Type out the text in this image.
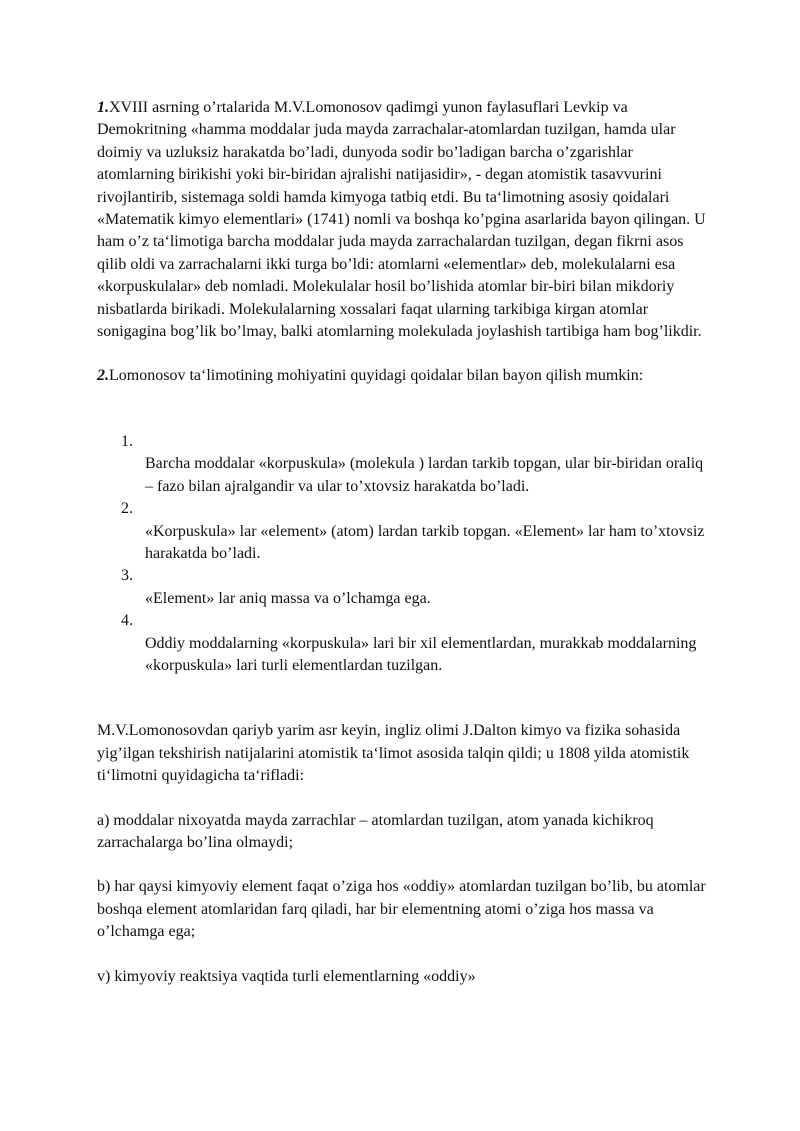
1.XVIII asrning o’rtalarida M.V.Lomonosov qadimgi yunon faylasuflari Levkip va Demokritning «hamma moddalar juda mayda zarrachalar-atomlardan tuzilgan, hamda ular doimiy va uzluksiz harakatda bo’ladi, dunyoda sodir bo’ladigan barcha o’zgarishlar atomlarning birikishi yoki bir-biridan ajralishi natijasidir», - degan atomistik tasavvurini rivojlantirib, sistemaga soldi hamda kimyoga tatbiq etdi. Bu ta‘limotning asosiy qoidalari «Matematik kimyo elementlari» (1741) nomli va boshqa ko’pgina asarlarida bayon qilingan. U ham o’z ta‘limotiga barcha moddalar juda mayda zarrachalardan tuzilgan, degan fikrni asos qilib oldi va zarrachalarni ikki turga bo’ldi: atomlarni «elementlar» deb, molekulalarni esa «korpuskulalar» deb nomladi. Molekulalar hosil bo’lishida atomlar bir-biri bilan mikdoriy nisbatlarda birikadi. Molekulalarning xossalari faqat ularning tarkibiga kirgan atomlar sonigagina bog’lik bo’lmay, balki atomlarning molekulada joylashish tartibiga ham bog’likdir.

2.Lomonosov ta‘limotining mohiyatini quyidagi qoidalar bilan bayon qilish mumkin:

1.
Barcha moddalar «korpuskula» (molekula ) lardan tarkib topgan, ular bir-biridan oraliq – fazo bilan ajralgandir va ular to’xtovsiz harakatda bo’ladi.
2.
«Korpuskula» lar «element» (atom) lardan tarkib topgan. «Element» lar ham to’xtovsiz harakatda bo’ladi.
3.
«Element» lar aniq massa va o’lchamga ega.
4.
Oddiy moddalarning «korpuskula» lari bir xil elementlardan, murakkab moddalarning «korpuskula» lari turli elementlardan tuzilgan.

M.V.Lomonosovdan qariyb yarim asr keyin, ingliz olimi J.Dalton kimyo va fizika sohasida yig’ilgan tekshirish natijalarini atomistik ta‘limot asosida talqin qildi; u 1808 yilda atomistik ti‘limotni quyidagicha ta‘rifladi:

a) moddalar nixoyatda mayda zarrachlar – atomlardan tuzilgan, atom yanada kichikroq zarrachalarga bo’lina olmaydi;

b) har qaysi kimyoviy element faqat o’ziga hos «oddiy» atomlardan tuzilgan bo’lib, bu atomlar boshqa element atomlaridan farq qiladi, har bir elementning atomi o’ziga hos massa va o’lchamga ega;

v) kimyoviy reaktsiya vaqtida turli elementlarning «oddiy»
